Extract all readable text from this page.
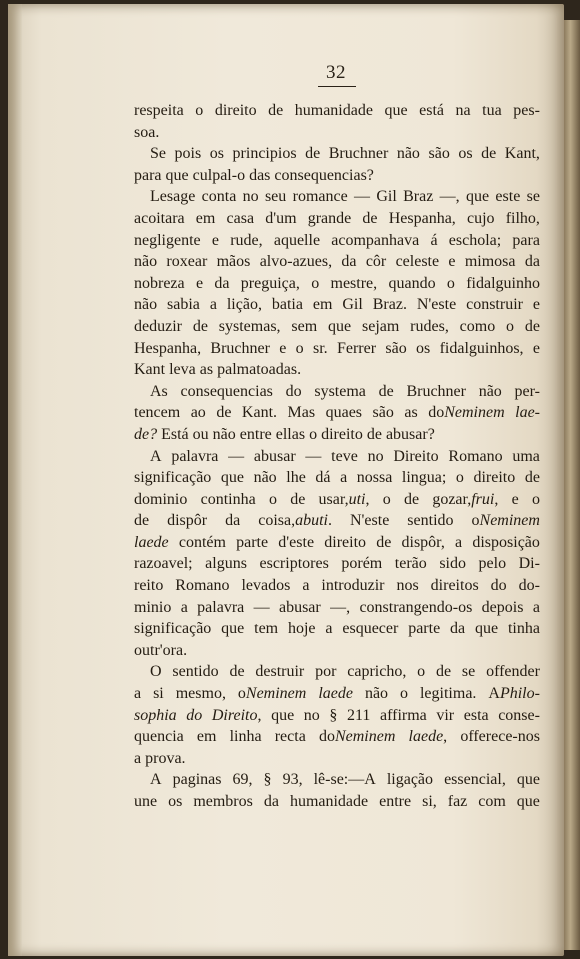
32
respeita o direito de humanidade que está na tua pes-
soa.
Se pois os principios de Bruchner não são os de Kant,
para
que
culpal-o
das
consequencias?
Lesage conta no seu romance — Gil Braz —, que este se
acoitara em casa d'um grande de Hespanha, cujo filho,
negligente e rude, aquelle acompanhava á eschola; para
não roxear mãos alvo-azues, da côr celeste e mimosa da
nobreza e da preguiça, o mestre, quando o fidalguinho
não sabia a lição, batia em Gil Braz. N'este construir e
deduzir de systemas, sem que sejam rudes, como o de
Hespanha, Bruchner e o sr. Ferrer são os fidalguinhos, e
Kant
leva
as
palmatoadas.
As consequencias do systema de Bruchner não per-
tencem ao de Kant. Mas quaes são as doNeminem lae-
de?
Está
ou
não
entre
ellas
o
direito
de
abusar?
A palavra — abusar — teve no Direito Romano uma
significação que não lhe dá a nossa lingua; o direito de
dominio continha o de usar,uti, o de gozar,frui, e o
de dispôr da coisa,abuti. N'este sentido oNeminem
laede contém parte d'este direito de dispôr, a disposição
razoavel; alguns escriptores porém terão sido pelo Di-
reito Romano levados a introduzir nos direitos do do-
minio a palavra — abusar —, constrangendo-os depois a
significação que tem hoje a esquecer parte da que tinha
outr'ora.
O sentido de destruir por capricho, o de se offender
a si mesmo, oNeminem laede não o legitima. APhilo-
sophia do Direito, que no § 211 affirma vir esta conse-
quencia em linha recta doNeminem laede, offerece-nos
a
prova.
A paginas 69, § 93, lê-se:—A ligação essencial, que
une os membros da humanidade entre si, faz com que
